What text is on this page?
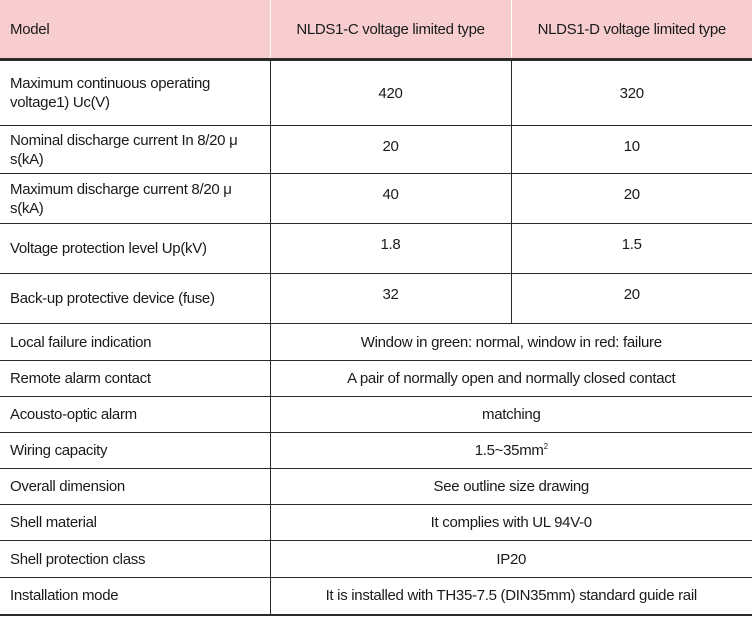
Model	NLDS1-C voltage limited type	NLDS1-D voltage limited type
Maximum continuous operating
voltage1) Uc(V)	420	320
Nominal discharge current In 8/20 μ s(kA)	20	10
Maximum discharge current 8/20 μ s(kA)	40	20
Voltage protection level Up(kV)	1.8	1.5
Back-up protective device (fuse)	32	20
Local failure indication	Window in green: normal, window in red: failure	
Remote alarm contact	A pair of normally open and normally closed contact	
Acousto-optic alarm	matching	
Wiring capacity	$1.5\sim 35mm^2$
Overall dimension	See outline size drawing	
Shell material	It complies with UL 94V-0	
Shell protection class	IP20	
Installation mode	It is installed with TH35-7.5 (DIN35mm) standard guide rail	
